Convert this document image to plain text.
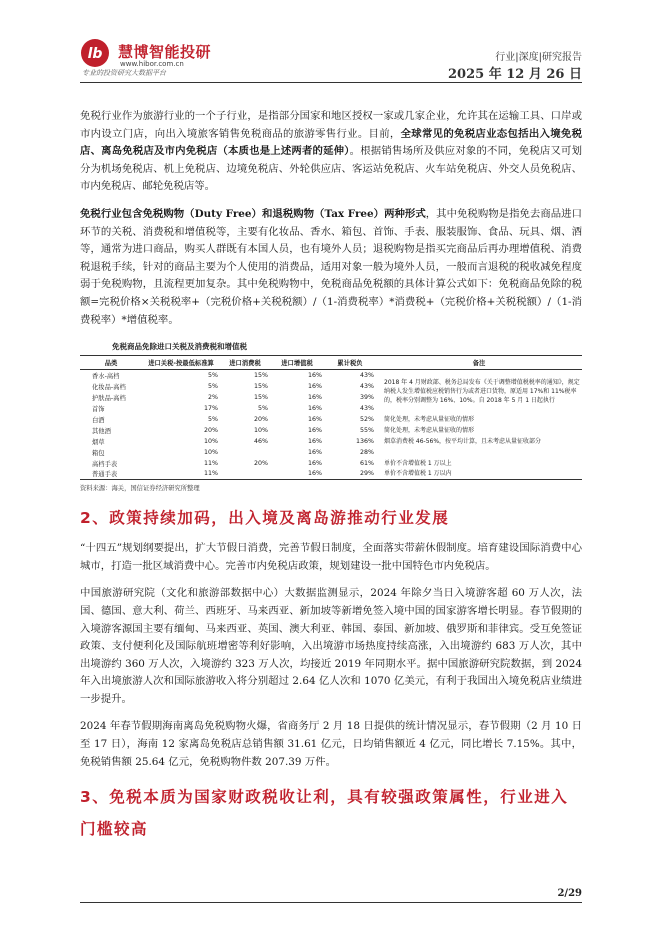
lb 慧博智能投研
www.hibor.com.cn
专业的投资研究大数据平台
行业|深度|研究报告
2025 年 12 月 26 日

免税行业作为旅游行业的一个子行业，是指部分国家和地区授权一家或几家企业，允许其在运输工具、口岸或市内设立门店，向出入境旅客销售免税商品的旅游零售行业。目前，全球常见的免税店业态包括出入境免税店、离岛免税店及市内免税店（本质也是上述两者的延伸）。根据销售场所及供应对象的不同，免税店又可划分为机场免税店、机上免税店、边境免税店、外轮供应店、客运站免税店、火车站免税店、外交人员免税店、市内免税店、邮轮免税店等。

免税行业包含免税购物（Duty Free）和退税购物（Tax Free）两种形式，其中免税购物是指免去商品进口环节的关税、消费税和增值税等，主要有化妆品、香水、箱包、首饰、手表、服装服饰、食品、玩具、烟、酒等，通常为进口商品，购买人群既有本国人员，也有境外人员；退税购物是指买完商品后再办理增值税、消费税退税手续，针对的商品主要为个人使用的消费品，适用对象一般为境外人员，一般而言退税的税收减免程度弱于免税购物，且流程更加复杂。其中免税购物中，免税商品免税额的具体计算公式如下：免税商品免除的税额=完税价格×关税税率+（完税价格+关税税额）/（1-消费税率）*消费税+（完税价格+关税税额）/（1-消费税率）*增值税率。

免税商品免除进口关税及消费税和增值税
品类	进口关税-按最低标准算	进口消费税	进口增值税	累计税负	备注
香水-高档	5%	15%	16%	43%	2018 年 4 月财政部、税务总局发布《关于调整增值税税率的通知》，规定纳税人发生增值税应税销售行为或者进口货物，原适用 17%和 11%税率的，税率分别调整为 16%、10%。自 2018 年 5 月 1 日起执行
化妆品-高档	5%	15%	16%	43%	
护肤品-高档	2%	15%	16%	39%	
首饰	17%	5%	16%	43%	
白酒	5%	20%	16%	52%	简化处理，未考虑从量征收的情形
其他酒	20%	10%	16%	55%	简化处理，未考虑从量征收的情形
烟草	10%	46%	16%	136%	烟草消费税 46-56%，按平均计算，且未考虑从量征收部分
箱包	10%		16%	28%	
高档手表	11%	20%	16%	61%	单价不含增值税 1 万以上
普通手表	11%		16%	29%	单价不含增值税 1 万以内
资料来源：海关，国信证券经济研究所整理
2、政策持续加码，出入境及离岛游推动行业发展

“十四五”规划纲要提出，扩大节假日消费，完善节假日制度，全面落实带薪休假制度。培育建设国际消费中心城市，打造一批区域消费中心。完善市内免税店政策，规划建设一批中国特色市内免税店。

中国旅游研究院（文化和旅游部数据中心）大数据监测显示，2024 年除夕当日入境游客超 60 万人次，法国、德国、意大利、荷兰、西班牙、马来西亚、新加坡等新增免签入境中国的国家游客增长明显。春节假期的入境游客源国主要有缅甸、马来西亚、英国、澳大利亚、韩国、泰国、新加坡、俄罗斯和菲律宾。受互免签证政策、支付便利化及国际航班增密等利好影响，入出境游市场热度持续高涨，入出境游约 683 万人次，其中出境游约 360 万人次，入境游约 323 万人次，均接近 2019 年同期水平。据中国旅游研究院数据，到 2024 年入出境旅游人次和国际旅游收入将分别超过 2.64 亿人次和 1070 亿美元，有利于我国出入境免税店业绩进一步提升。

2024 年春节假期海南离岛免税购物火爆，省商务厅 2 月 18 日提供的统计情况显示，春节假期（2 月 10 日至 17 日），海南 12 家离岛免税店总销售额 31.61 亿元，日均销售额近 4 亿元，同比增长 7.15%。其中，免税销售额 25.64 亿元，免税购物件数 207.39 万件。

3、免税本质为国家财政税收让利，具有较强政策属性，行业进入门槛较高
2/29
